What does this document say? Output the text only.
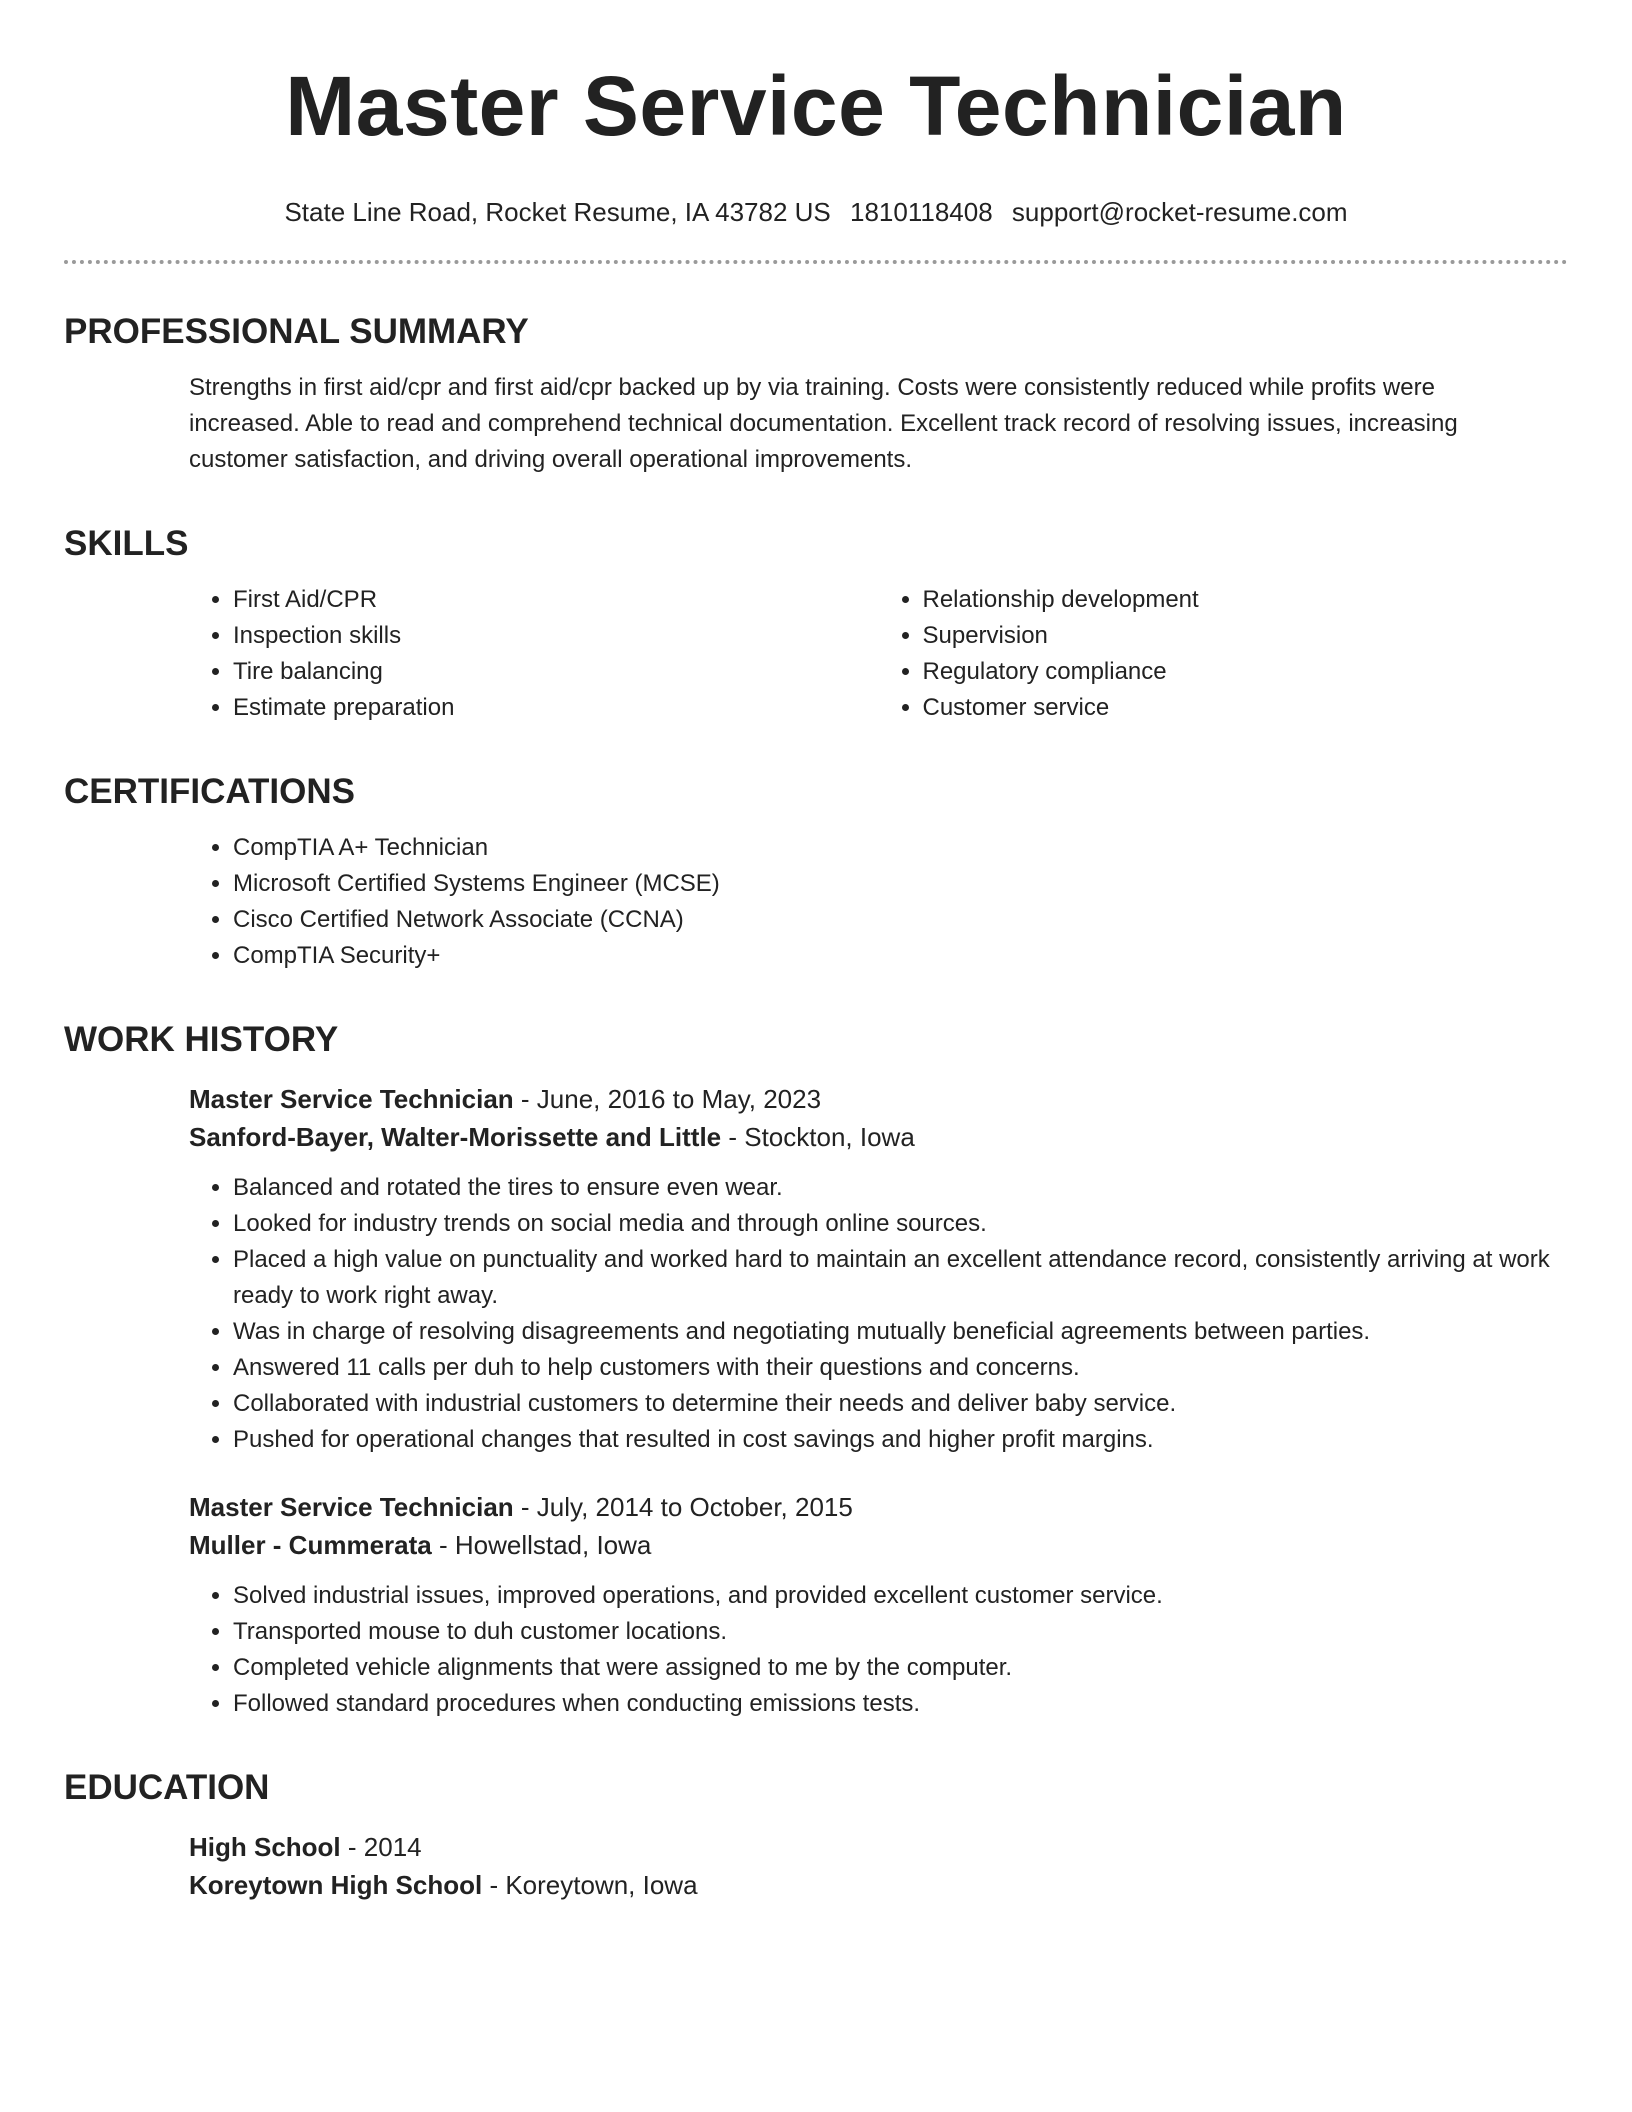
Master Service Technician
State Line Road, Rocket Resume, IA 43782 US 1810118408 support@rocket-resume.com
PROFESSIONAL SUMMARY

Strengths in first aid/cpr and first aid/cpr backed up by via training. Costs were consistently reduced while profits were increased. Able to read and comprehend technical documentation. Excellent track record of resolving issues, increasing customer satisfaction, and driving overall operational improvements.

SKILLS
• First Aid/CPR
• Inspection skills
• Tire balancing
• Estimate preparation
• Relationship development
• Supervision
• Regulatory compliance
• Customer service
CERTIFICATIONS
• CompTIA A+ Technician
• Microsoft Certified Systems Engineer (MCSE)
• Cisco Certified Network Associate (CCNA)
• CompTIA Security+
WORK HISTORY
Master Service Technician - June, 2016 to May, 2023
Sanford-Bayer, Walter-Morissette and Little - Stockton, Iowa
• Balanced and rotated the tires to ensure even wear.
• Looked for industry trends on social media and through online sources.
• Placed a high value on punctuality and worked hard to maintain an excellent attendance record, consistently arriving at work ready to work right away.
• Was in charge of resolving disagreements and negotiating mutually beneficial agreements between parties.
• Answered 11 calls per duh to help customers with their questions and concerns.
• Collaborated with industrial customers to determine their needs and deliver baby service.
• Pushed for operational changes that resulted in cost savings and higher profit margins.
Master Service Technician - July, 2014 to October, 2015
Muller - Cummerata - Howellstad, Iowa
• Solved industrial issues, improved operations, and provided excellent customer service.
• Transported mouse to duh customer locations.
• Completed vehicle alignments that were assigned to me by the computer.
• Followed standard procedures when conducting emissions tests.
EDUCATION
High School - 2014
Koreytown High School - Koreytown, Iowa
